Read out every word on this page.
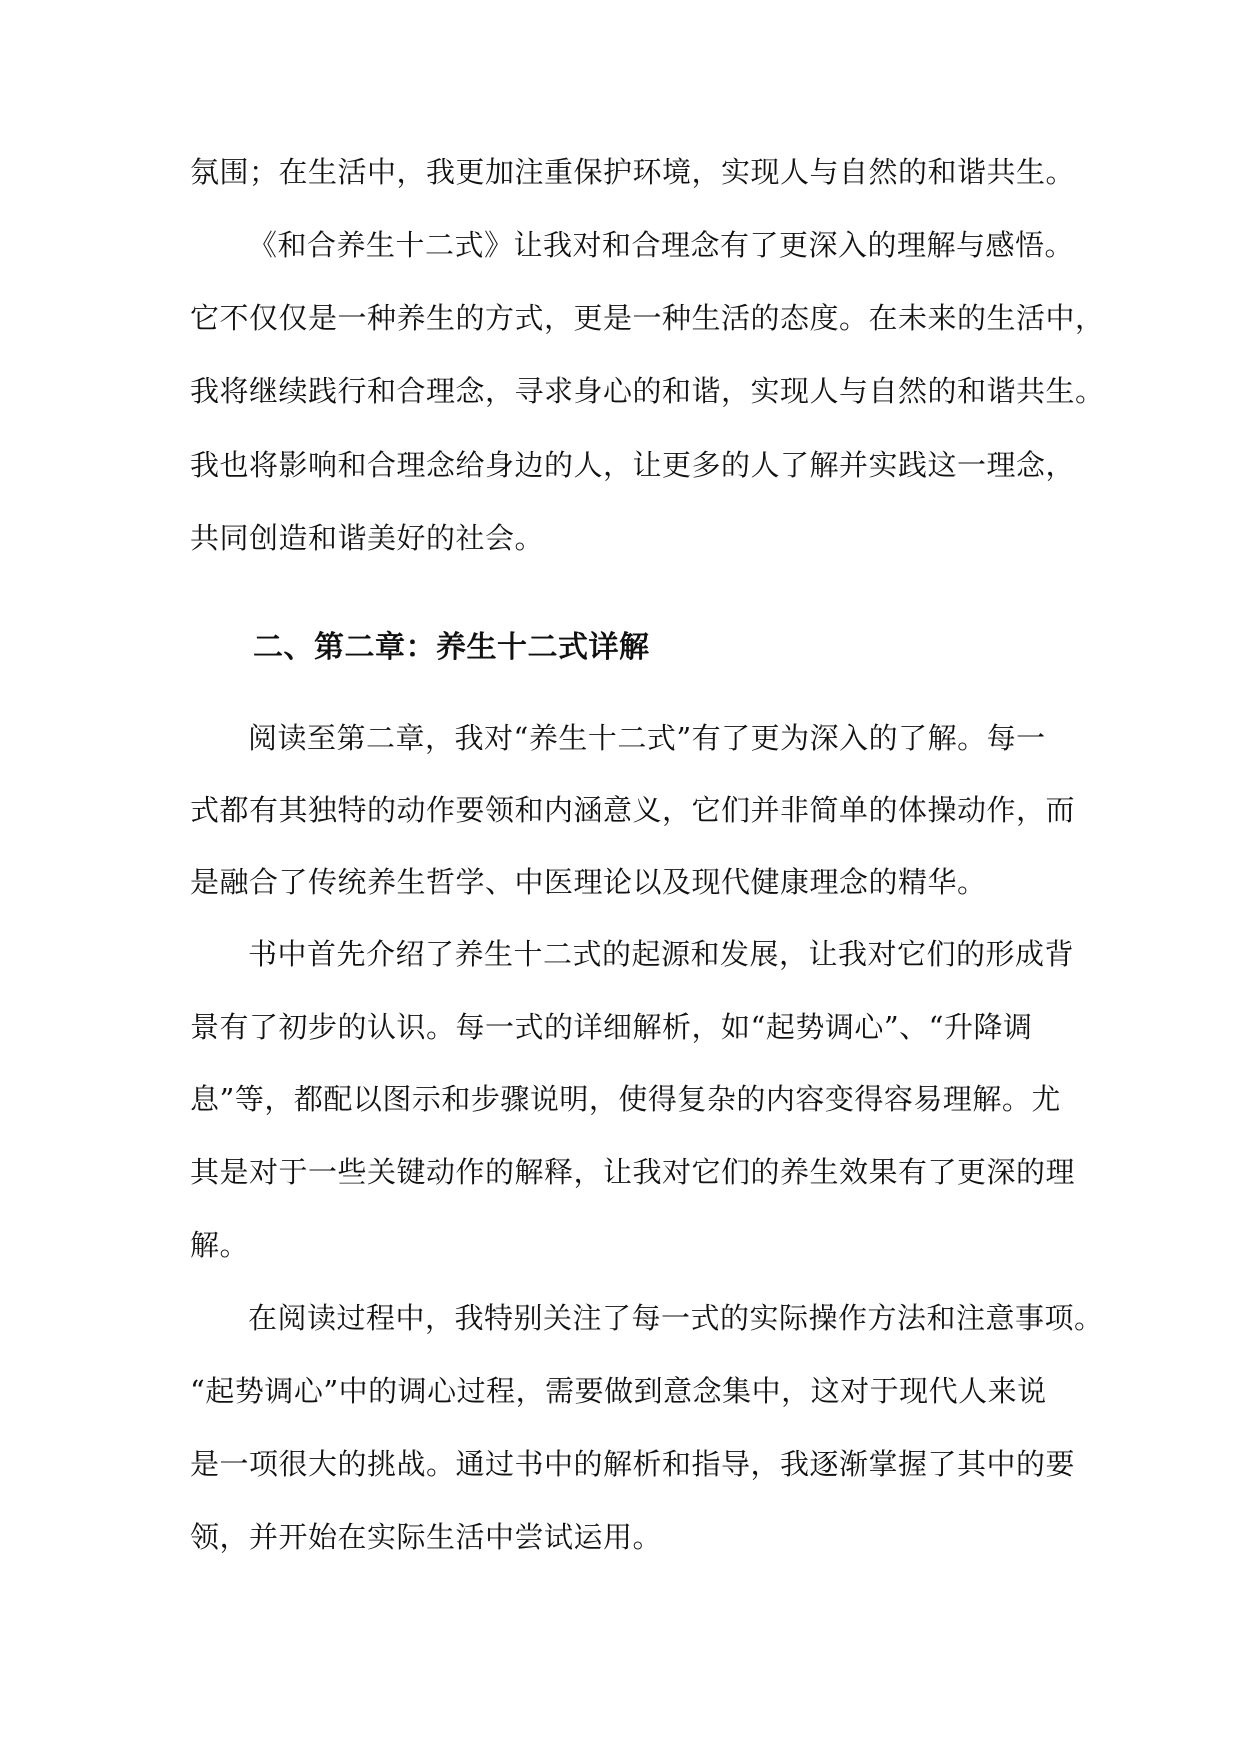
氛围；在生活中，我更加注重保护环境，实现人与自然的和谐共生。
《和合养生十二式》让我对和合理念有了更深入的理解与感悟。
它不仅仅是一种养生的方式，更是一种生活的态度。在未来的生活中，
我将继续践行和合理念，寻求身心的和谐，实现人与自然的和谐共生。
我也将影响和合理念给身边的人，让更多的人了解并实践这一理念，
共同创造和谐美好的社会。
二、第二章：养生十二式详解
阅读至第二章，我对“养生十二式”有了更为深入的了解。每一
式都有其独特的动作要领和内涵意义，它们并非简单的体操动作，而
是融合了传统养生哲学、中医理论以及现代健康理念的精华。
书中首先介绍了养生十二式的起源和发展，让我对它们的形成背
景有了初步的认识。每一式的详细解析，如“起势调心”、“升降调
息”等，都配以图示和步骤说明，使得复杂的内容变得容易理解。尤
其是对于一些关键动作的解释，让我对它们的养生效果有了更深的理
解。
在阅读过程中，我特别关注了每一式的实际操作方法和注意事项。
“起势调心”中的调心过程，需要做到意念集中，这对于现代人来说
是一项很大的挑战。通过书中的解析和指导，我逐渐掌握了其中的要
领，并开始在实际生活中尝试运用。
